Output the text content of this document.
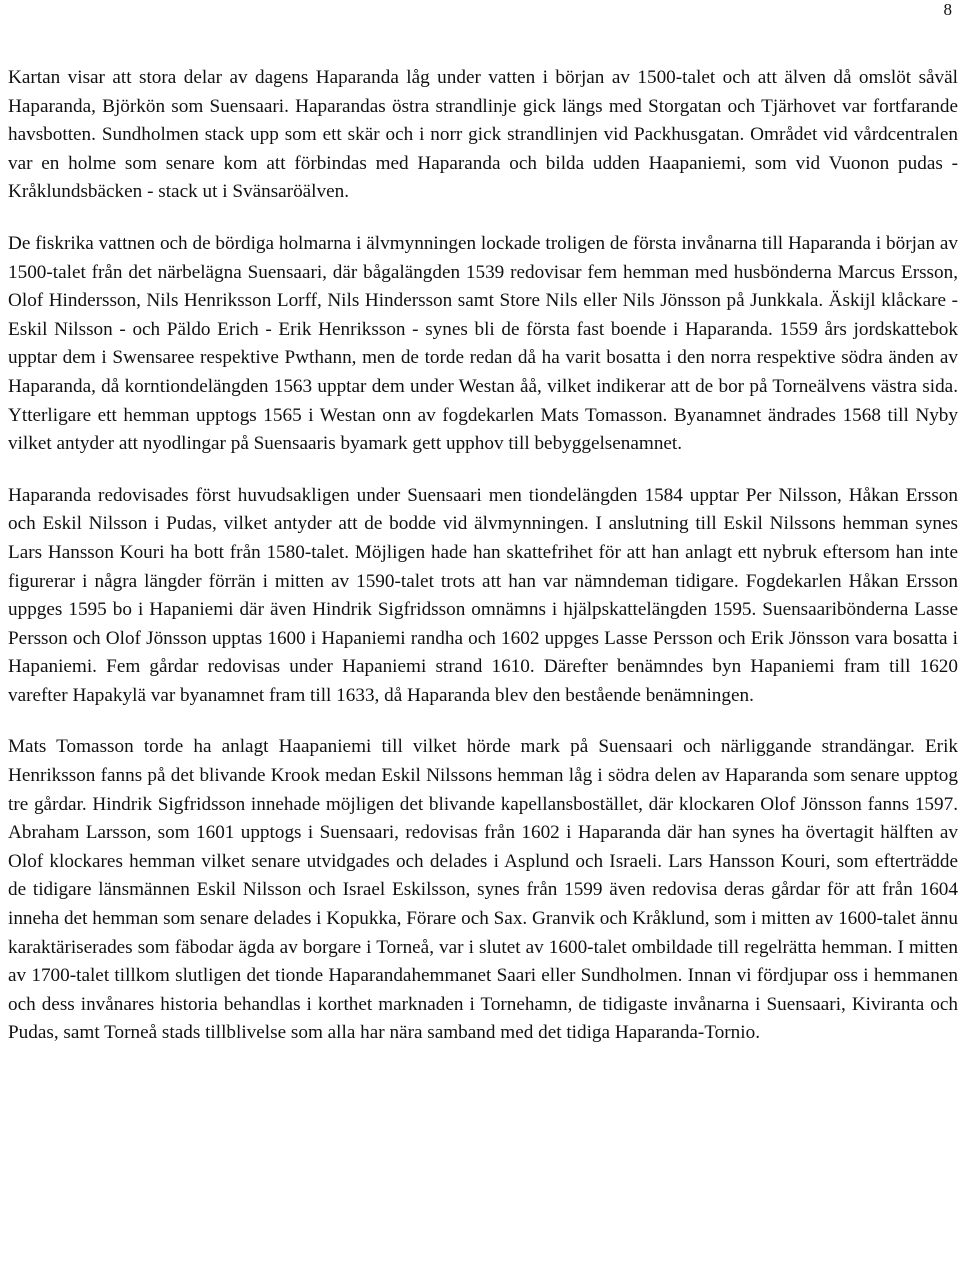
8

Kartan visar att stora delar av dagens Haparanda låg under vatten i början av 1500-talet och att älven då omslöt såväl Haparanda, Björkön som Suensaari. Haparandas östra strandlinje gick längs med Storgatan och Tjärhovet var fortfarande havsbotten. Sundholmen stack upp som ett skär och i norr gick strandlinjen vid Packhusgatan. Området vid vårdcentralen var en holme som senare kom att förbindas med Haparanda och bilda udden Haapaniemi, som vid Vuonon pudas - Kråklundsbäcken - stack ut i Svänsaröälven.

De fiskrika vattnen och de bördiga holmarna i älvmynningen lockade troligen de första invånarna till Haparanda i början av 1500-talet från det närbelägna Suensaari, där bågalängden 1539 redovisar fem hemman med husbönderna Marcus Ersson, Olof Hindersson, Nils Henriksson Lorff, Nils Hindersson samt Store Nils eller Nils Jönsson på Junkkala. Äskijl klåckare - Eskil Nilsson - och Päldo Erich - Erik Henriksson - synes bli de första fast boende i Haparanda. 1559 års jordskattebok upptar dem i Swensaree respektive Pwthann, men de torde redan då ha varit bosatta i den norra respektive södra änden av Haparanda, då korntiondelängden 1563 upptar dem under Westan åå, vilket indikerar att de bor på Torneälvens västra sida. Ytterligare ett hemman upptogs 1565 i Westan onn av fogdekarlen Mats Tomasson. Byanamnet ändrades 1568 till Nyby vilket antyder att nyodlingar på Suensaaris byamark gett upphov till bebyggelsenamnet.

Haparanda redovisades först huvudsakligen under Suensaari men tiondelängden 1584 upptar Per Nilsson, Håkan Ersson och Eskil Nilsson i Pudas, vilket antyder att de bodde vid älvmynningen. I anslutning till Eskil Nilssons hemman synes Lars Hansson Kouri ha bott från 1580-talet. Möjligen hade han skattefrihet för att han anlagt ett nybruk eftersom han inte figurerar i några längder förrän i mitten av 1590-talet trots att han var nämndeman tidigare. Fogdekarlen Håkan Ersson uppges 1595 bo i Hapaniemi där även Hindrik Sigfridsson omnämns i hjälpskattelängden 1595. Suensaaribönderna Lasse Persson och Olof Jönsson upptas 1600 i Hapaniemi randha och 1602 uppges Lasse Persson och Erik Jönsson vara bosatta i Hapaniemi. Fem gårdar redovisas under Hapaniemi strand 1610. Därefter benämndes byn Hapaniemi fram till 1620 varefter Hapakylä var byanamnet fram till 1633, då Haparanda blev den bestående benämningen.

Mats Tomasson torde ha anlagt Haapaniemi till vilket hörde mark på Suensaari och närliggande strandängar. Erik Henriksson fanns på det blivande Krook medan Eskil Nilssons hemman låg i södra delen av Haparanda som senare upptog tre gårdar. Hindrik Sigfridsson innehade möjligen det blivande kapellansbostället, där klockaren Olof Jönsson fanns 1597. Abraham Larsson, som 1601 upptogs i Suensaari, redovisas från 1602 i Haparanda där han synes ha övertagit hälften av Olof klockares hemman vilket senare utvidgades och delades i Asplund och Israeli. Lars Hansson Kouri, som efterträdde de tidigare länsmännen Eskil Nilsson och Israel Eskilsson, synes från 1599 även redovisa deras gårdar för att från 1604 inneha det hemman som senare delades i Kopukka, Förare och Sax. Granvik och Kråklund, som i mitten av 1600-talet ännu karaktäriserades som fäbodar ägda av borgare i Torneå, var i slutet av 1600-talet ombildade till regelrätta hemman. I mitten av 1700-talet tillkom slutligen det tionde Haparandahemmanet Saari eller Sundholmen. Innan vi fördjupar oss i hemmanen och dess invånares historia behandlas i korthet marknaden i Tornehamn, de tidigaste invånarna i Suensaari, Kiviranta och Pudas, samt Torneå stads tillblivelse som alla har nära samband med det tidiga Haparanda-Tornio.
